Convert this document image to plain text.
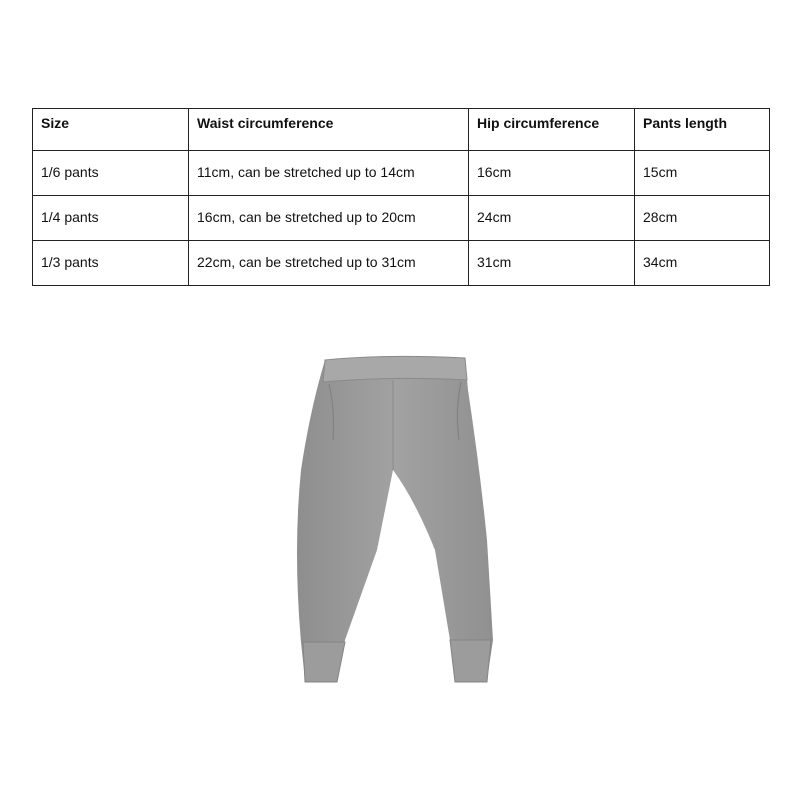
Size	Waist circumference	Hip circumference	Pants length
1/6 pants	11cm, can be stretched up to 14cm	16cm	15cm
1/4 pants	16cm, can be stretched up to 20cm	24cm	28cm
1/3 pants	22cm, can be stretched up to 31cm	31cm	34cm
